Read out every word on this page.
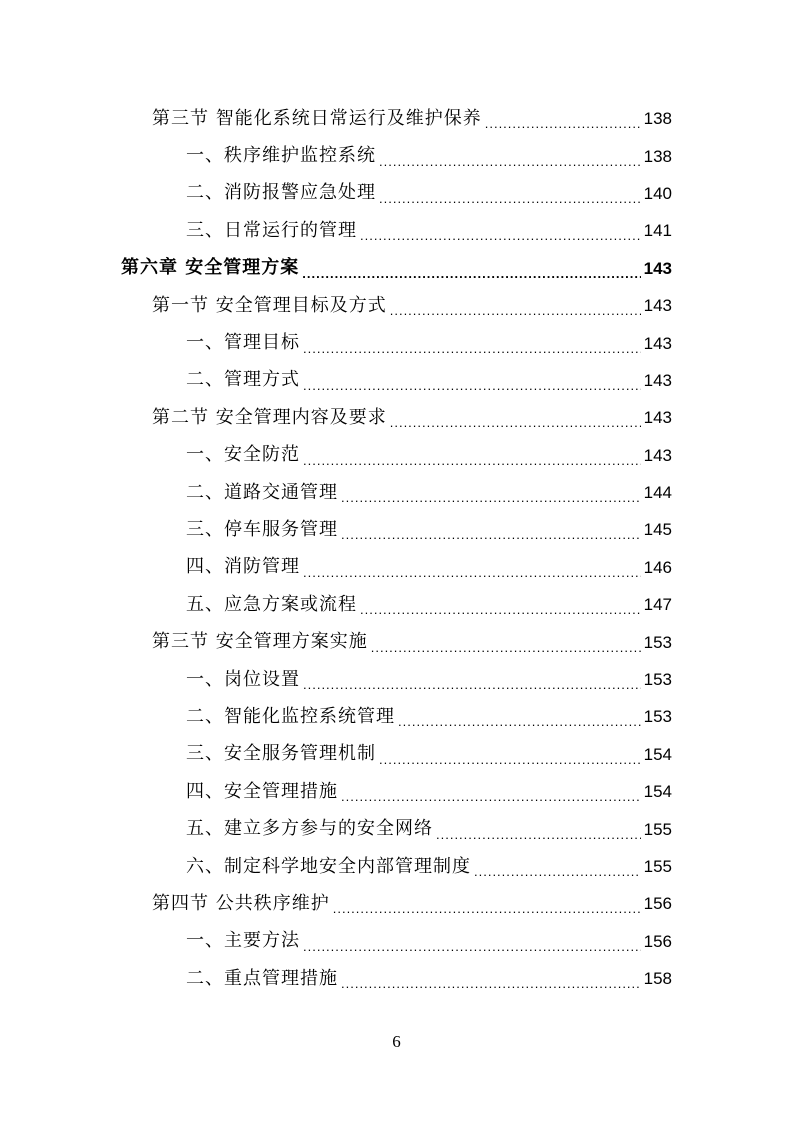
第三节 智能化系统日常运行及维护保养 .....	138
一、秩序维护监控系统 .....	138
二、消防报警应急处理 .....	140
三、日常运行的管理 .....	141
第六章 安全管理方案 .....	143
第一节 安全管理目标及方式 .....	143
一、管理目标 .....	143
二、管理方式 .....	143
第二节 安全管理内容及要求 .....	143
一、安全防范 .....	143
二、道路交通管理 .....	144
三、停车服务管理 .....	145
四、消防管理 .....	146
五、应急方案或流程 .....	147
第三节 安全管理方案实施 .....	153
一、岗位设置 .....	153
二、智能化监控系统管理 .....	153
三、安全服务管理机制 .....	154
四、安全管理措施 .....	154
五、建立多方参与的安全网络 .....	155
六、制定科学地安全内部管理制度 .....	155
第四节 公共秩序维护 .....	156
一、主要方法 .....	156
二、重点管理措施 .....	158
6
